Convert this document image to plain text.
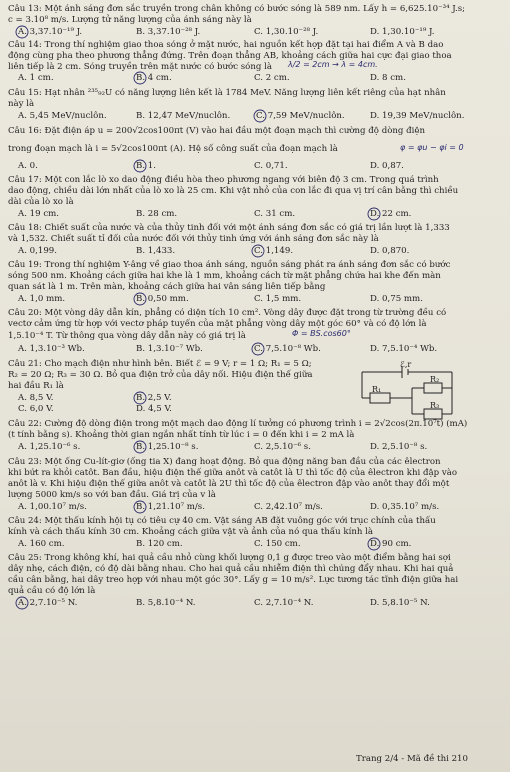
Câu 13: Một ánh sáng đơn sắc truyền trong chân không có bước sóng là 589 nm. Lấy h = 6,625.10⁻³⁴ J.s;
c = 3.10⁸ m/s. Lượng tử năng lượng của ánh sáng này là
A. 3,37.10⁻¹⁹ J.	B. 3,37.10⁻²⁸ J.	C. 1,30.10⁻²⁸ J.	D. 1,30.10⁻¹⁹ J.
Câu 14: Trong thí nghiệm giao thoa sóng ở mặt nước, hai nguồn kết hợp đặt tại hai điểm A và B dao
động cùng pha theo phương thẳng đứng. Trên đoạn thẳng AB, khoảng cách giữa hai cực đại giao thoa
liên tiếp là 2 cm. Sóng truyền trên mặt nước có bước sóng là	λ/2 = 2cm → λ = 4cm.
A. 1 cm.	B. 4 cm.	C. 2 cm.	D. 8 cm.
Câu 15: Hạt nhân ²³⁵₉₂U có năng lượng liên kết là 1784 MeV. Năng lượng liên kết riêng của hạt nhân
này là
A. 5,45 MeV/nuclôn.	B. 12,47 MeV/nuclôn.	C. 7,59 MeV/nuclôn.	D. 19,39 MeV/nuclôn.
Câu 16: Đặt điện áp u = 200√2cos100πt (V) vào hai đầu một đoạn mạch thì cường độ dòng điện
trong đoạn mạch là i = 5√2cos100πt (A). Hệ số công suất của đoạn mạch là	φ = φu − φi = 0
A. 0.	B. 1.	C. 0,71.	D. 0,87.
Câu 17: Một con lắc lò xo dao động điều hòa theo phương ngang với biên độ 3 cm. Trong quá trình
dao động, chiều dài lớn nhất của lò xo là 25 cm. Khi vật nhỏ của con lắc đi qua vị trí cân bằng thì chiều
dài của lò xo là
A. 19 cm.	B. 28 cm.	C. 31 cm.	D. 22 cm.
Câu 18: Chiết suất của nước và của thủy tinh đối với một ánh sáng đơn sắc có giá trị lần lượt là 1,333
và 1,532. Chiết suất tỉ đối của nước đối với thủy tinh ứng với ánh sáng đơn sắc này là
A. 0,199.	B. 1,433.	C. 1,149.	D. 0,870.
Câu 19: Trong thí nghiệm Y-âng về giao thoa ánh sáng, nguồn sáng phát ra ánh sáng đơn sắc có bước
sóng 500 nm. Khoảng cách giữa hai khe là 1 mm, khoảng cách từ mặt phẳng chứa hai khe đến màn
quan sát là 1 m. Trên màn, khoảng cách giữa hai vân sáng liên tiếp bằng
A. 1,0 mm.	B. 0,50 mm.	C. 1,5 mm.	D. 0,75 mm.
Câu 20: Một vòng dây dẫn kín, phẳng có diện tích 10 cm². Vòng dây được đặt trong từ trường đều có
vectơ cảm ứng từ hợp với vectơ pháp tuyến của mặt phẳng vòng dây một góc 60° và có độ lớn là
1,5.10⁻⁴ T. Từ thông qua vòng dây dẫn này có giá trị là	Φ = BS.cos60°
A. 1,3.10⁻³ Wb.	B. 1,3.10⁻⁷ Wb.	C. 7,5.10⁻⁸ Wb.	D. 7,5.10⁻⁴ Wb.
Câu 21: Cho mạch điện như hình bên. Biết ℰ = 9 V; r = 1 Ω; R₁ = 5 Ω;
R₂ = 20 Ω; R₃ = 30 Ω. Bỏ qua điện trở của dây nối. Hiệu điện thế giữa
hai đầu R₁ là
A. 8,5 V.	B. 2,5 V.
C. 6,0 V.	D. 4,5 V.
ℰ,r
R₁
R₂
R₃
Câu 22: Cường độ dòng điện trong một mạch dao động lí tưởng có phương trình i = 2√2cos(2π.10⁷t) (mA)
(t tính bằng s). Khoảng thời gian ngắn nhất tính từ lúc i = 0 đến khi i = 2 mA là
A. 1,25.10⁻⁶ s.	B. 1,25.10⁻⁸ s.	C. 2,5.10⁻⁶ s.	D. 2,5.10⁻⁸ s.
Câu 23: Một ống Cu-lít-giơ (ống tia X) đang hoạt động. Bỏ qua động năng ban đầu của các êlectron
khi bứt ra khỏi catôt. Ban đầu, hiệu điện thế giữa anôt và catôt là U thì tốc độ của êlectron khi đập vào
anôt là v. Khi hiệu điện thế giữa anôt và catôt là 2U thì tốc độ của êlectron đập vào anôt thay đổi một
lượng 5000 km/s so với ban đầu. Giá trị của v là
A. 1,00.10⁷ m/s.	B. 1,21.10⁷ m/s.	C. 2,42.10⁷ m/s.	D. 0,35.10⁷ m/s.
Câu 24: Một thấu kính hội tụ có tiêu cự 40 cm. Vật sáng AB đặt vuông góc với trục chính của thấu
kính và cách thấu kính 30 cm. Khoảng cách giữa vật và ảnh của nó qua thấu kính là
A. 160 cm.	B. 120 cm.	C. 150 cm.	D. 90 cm.
Câu 25: Trong không khí, hai quả cầu nhỏ cùng khối lượng 0,1 g được treo vào một điểm bằng hai sợi
dây nhẹ, cách điện, có độ dài bằng nhau. Cho hai quả cầu nhiễm điện thì chúng đẩy nhau. Khi hai quả
cầu cân bằng, hai dây treo hợp với nhau một góc 30°. Lấy g = 10 m/s². Lực tương tác tĩnh điện giữa hai
quả cầu có độ lớn là
A. 2,7.10⁻⁵ N.	B. 5,8.10⁻⁴ N.	C. 2,7.10⁻⁴ N.	D. 5,8.10⁻⁵ N.
Trang 2/4 - Mã đề thi 210
